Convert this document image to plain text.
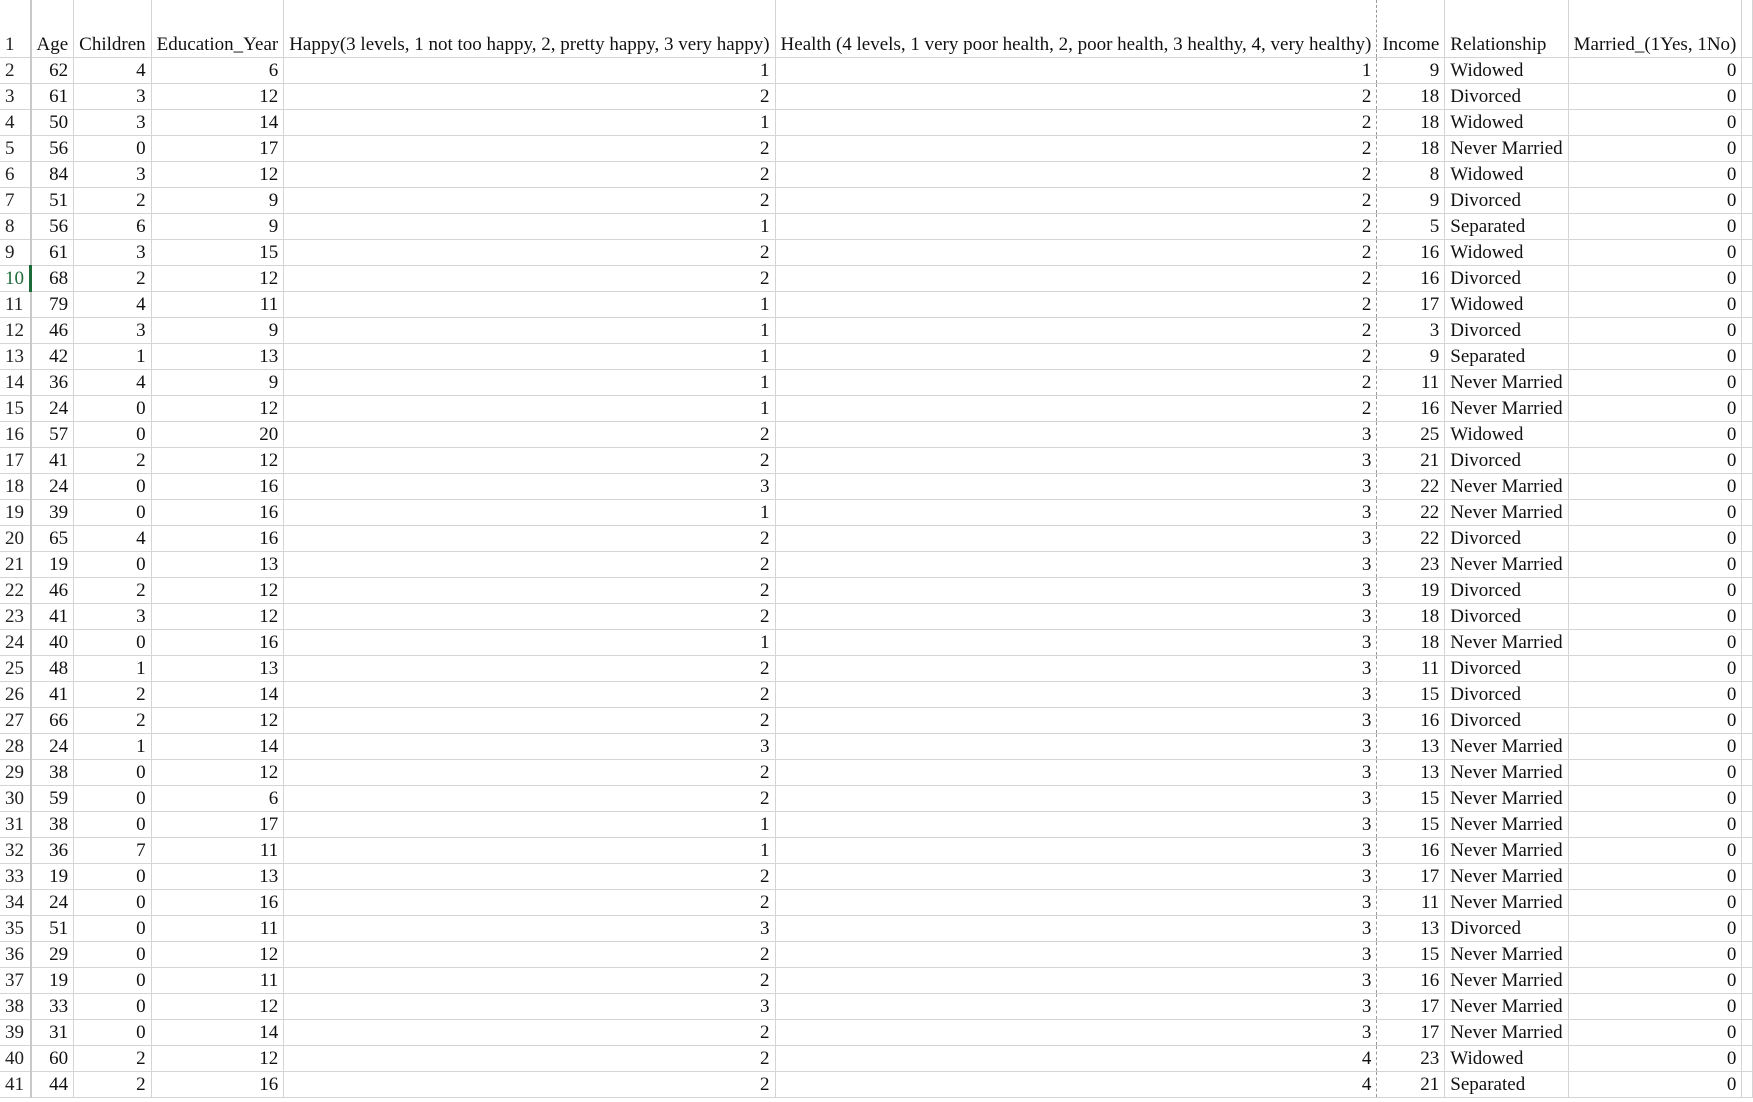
1	Age	Children	Education_Year	Happy(3 levels, 1 not too happy, 2, pretty happy, 3 very happy)	Health (4 levels, 1 very poor health, 2, poor health, 3 healthy, 4, very healthy)	Income	Relationship	Married_(1Yes, 1No)	
2	62	4	6	1	1	9	Widowed	0	
3	61	3	12	2	2	18	Divorced	0	
4	50	3	14	1	2	18	Widowed	0	
5	56	0	17	2	2	18	Never Married	0	
6	84	3	12	2	2	8	Widowed	0	
7	51	2	9	2	2	9	Divorced	0	
8	56	6	9	1	2	5	Separated	0	
9	61	3	15	2	2	16	Widowed	0	
10	68	2	12	2	2	16	Divorced	0	
11	79	4	11	1	2	17	Widowed	0	
12	46	3	9	1	2	3	Divorced	0	
13	42	1	13	1	2	9	Separated	0	
14	36	4	9	1	2	11	Never Married	0	
15	24	0	12	1	2	16	Never Married	0	
16	57	0	20	2	3	25	Widowed	0	
17	41	2	12	2	3	21	Divorced	0	
18	24	0	16	3	3	22	Never Married	0	
19	39	0	16	1	3	22	Never Married	0	
20	65	4	16	2	3	22	Divorced	0	
21	19	0	13	2	3	23	Never Married	0	
22	46	2	12	2	3	19	Divorced	0	
23	41	3	12	2	3	18	Divorced	0	
24	40	0	16	1	3	18	Never Married	0	
25	48	1	13	2	3	11	Divorced	0	
26	41	2	14	2	3	15	Divorced	0	
27	66	2	12	2	3	16	Divorced	0	
28	24	1	14	3	3	13	Never Married	0	
29	38	0	12	2	3	13	Never Married	0	
30	59	0	6	2	3	15	Never Married	0	
31	38	0	17	1	3	15	Never Married	0	
32	36	7	11	1	3	16	Never Married	0	
33	19	0	13	2	3	17	Never Married	0	
34	24	0	16	2	3	11	Never Married	0	
35	51	0	11	3	3	13	Divorced	0	
36	29	0	12	2	3	15	Never Married	0	
37	19	0	11	2	3	16	Never Married	0	
38	33	0	12	3	3	17	Never Married	0	
39	31	0	14	2	3	17	Never Married	0	
40	60	2	12	2	4	23	Widowed	0	
41	44	2	16	2	4	21	Separated	0	
